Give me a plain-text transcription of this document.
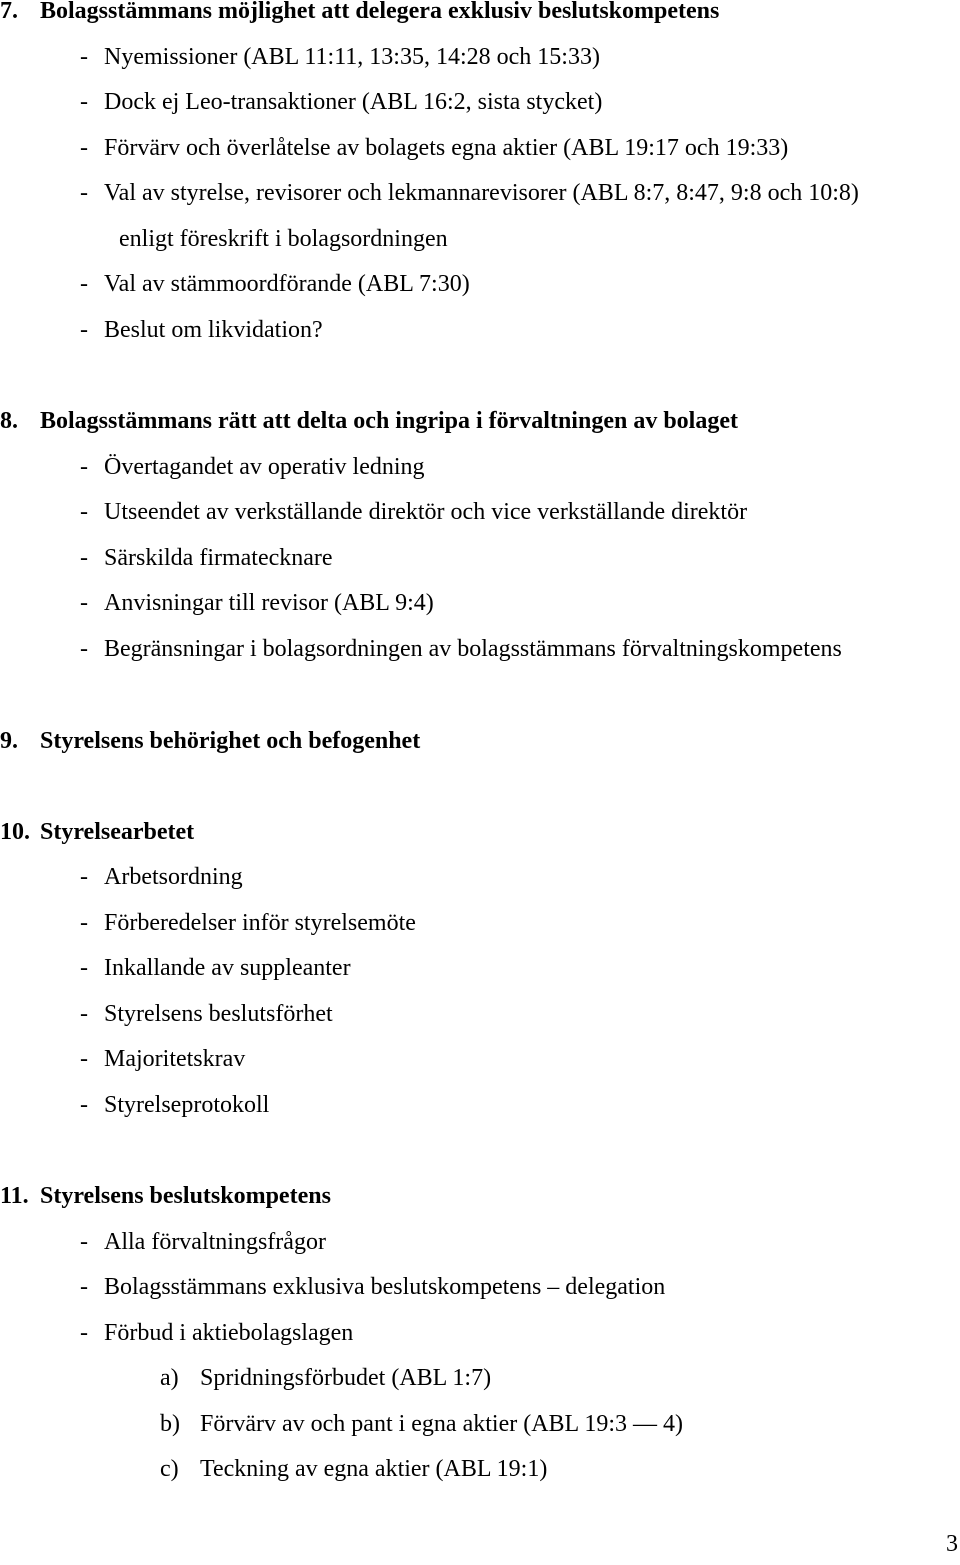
7. Bolagsstämmans möjlighet att delegera exklusiv beslutskompetens

- Nyemissioner (ABL 11:11, 13:35, 14:28 och 15:33)

- Dock ej Leo-transaktioner (ABL 16:2, sista stycket)

- Förvärv och överlåtelse av bolagets egna aktier (ABL 19:17 och 19:33)

- Val av styrelse, revisorer och lekmannarevisorer (ABL 8:7, 8:47, 9:8 och 10:8)

enligt föreskrift i bolagsordningen

- Val av stämmoordförande (ABL 7:30)

- Beslut om likvidation?

8. Bolagsstämmans rätt att delta och ingripa i förvaltningen av bolaget

- Övertagandet av operativ ledning

- Utseendet av verkställande direktör och vice verkställande direktör

- Särskilda firmatecknare

- Anvisningar till revisor (ABL 9:4)

- Begränsningar i bolagsordningen av bolagsstämmans förvaltningskompetens

9. Styrelsens behörighet och befogenhet
10. Styrelsearbetet

- Arbetsordning

- Förberedelser inför styrelsemöte

- Inkallande av suppleanter

- Styrelsens beslutsförhet

- Majoritetskrav

- Styrelseprotokoll

11. Styrelsens beslutskompetens

- Alla förvaltningsfrågor

- Bolagsstämmans exklusiva beslutskompetens – delegation

- Förbud i aktiebolagslagen

a) Spridningsförbudet (ABL 1:7)

b) Förvärv av och pant i egna aktier (ABL 19:3 — 4)

c) Teckning av egna aktier (ABL 19:1)

3
